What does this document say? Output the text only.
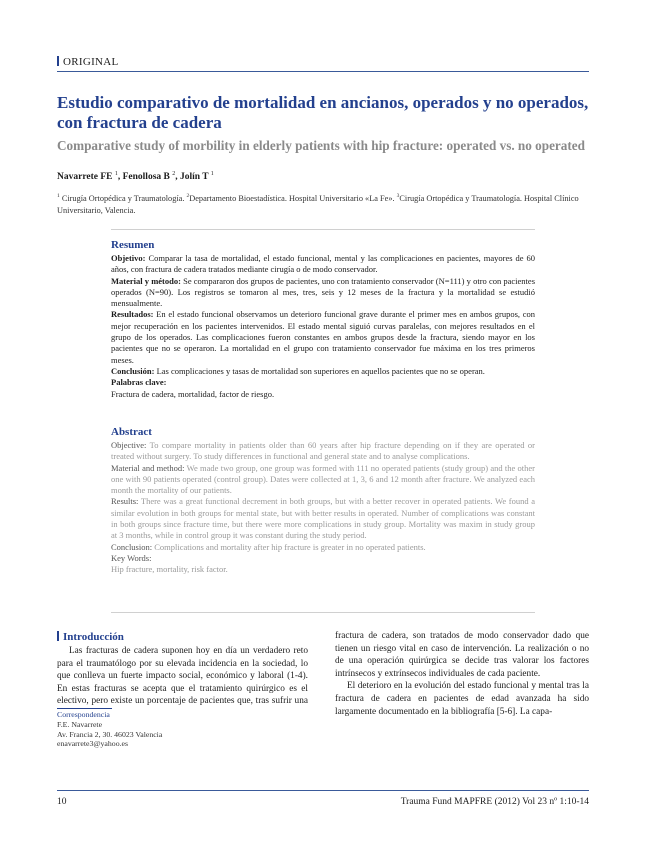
ORIGINAL
Estudio comparativo de mortalidad en ancianos, operados y no operados, con fractura de cadera
Comparative study of morbility in elderly patients with hip fracture: operated vs. no operated
Navarrete FE $^1$, Fenollosa B $^2$, Jolín T $^1$
$^1$ Cirugía Ortopédica y Traumatología. $^2$Departamento Bioestadística. Hospital Universitario «La Fe». $^3$Cirugía Ortopédica y Traumatología. Hospital Clínico Universitario, Valencia.
Resumen
Objetivo: Comparar la tasa de mortalidad, el estado funcional, mental y las complicaciones en pacientes, mayores de 60 años, con fractura de cadera tratados mediante cirugía o de modo conservador.
Material y método: Se compararon dos grupos de pacientes, uno con tratamiento conservador (N=111) y otro con pacientes operados (N=90). Los registros se tomaron al mes, tres, seis y 12 meses de la fractura y la mortalidad se estudió mensualmente.
Resultados: En el estado funcional observamos un deterioro funcional grave durante el primer mes en ambos grupos, con mejor recuperación en los pacientes intervenidos. El estado mental siguió curvas paralelas, con mejores resultados en el grupo de los operados. Las complicaciones fueron constantes en ambos grupos desde la fractura, siendo mayor en los pacientes que no se operaron. La mortalidad en el grupo con tratamiento conservador fue máxima en los tres primeros meses.
Conclusión: Las complicaciones y tasas de mortalidad son superiores en aquellos pacientes que no se operan.
Palabras clave:
Fractura de cadera, mortalidad, factor de riesgo.
Abstract
Objective: To compare mortality in patients older than 60 years after hip fracture depending on if they are operated or treated without surgery. To study differences in functional and general state and to analyse complications.
Material and method: We made two group, one group was formed with 111 no operated patients (study group) and the other one with 90 patients operated (control group). Dates were collected at 1, 3, 6 and 12 month after fracture. We analyzed each month the mortality of our patients.
Results: There was a great functional decrement in both groups, but with a better recover in operated patients. We found a similar evolution in both groups for mental state, but with better results in operated. Number of complications was constant in both groups since fracture time, but there were more complications in study group. Mortality was maxim in study group at 3 months, while in control group it was constant during the study period.
Conclusion: Complications and mortality after hip fracture is greater in no operated patients.
Key Words:
Hip fracture, mortality, risk factor.
Introducción

Las fracturas de cadera suponen hoy en día un verdadero reto para el traumatólogo por su elevada incidencia en la sociedad, lo que conlleva un fuerte impacto social, económico y laboral (1-4). En estas fracturas se acepta que el tratamiento quirúrgico es el electivo, pero existe un porcentaje de pacientes que, tras sufrir una

Correspondencia
F.E. Navarrete
Av. Francia 2, 30. 46023 Valencia
enavarrete3@yahoo.es

fractura de cadera, son tratados de modo conservador dado que tienen un riesgo vital en caso de intervención. La realización o no de una operación quirúrgica se decide tras valorar los factores intrínsecos y extrínsecos individuales de cada paciente.

El deterioro en la evolución del estado funcional y mental tras la fractura de cadera en pacientes de edad avanzada ha sido largamente documentado en la bibliografía [5-6]. La capa-

10	Trauma Fund MAPFRE (2012) Vol 23 nº 1:10-14
